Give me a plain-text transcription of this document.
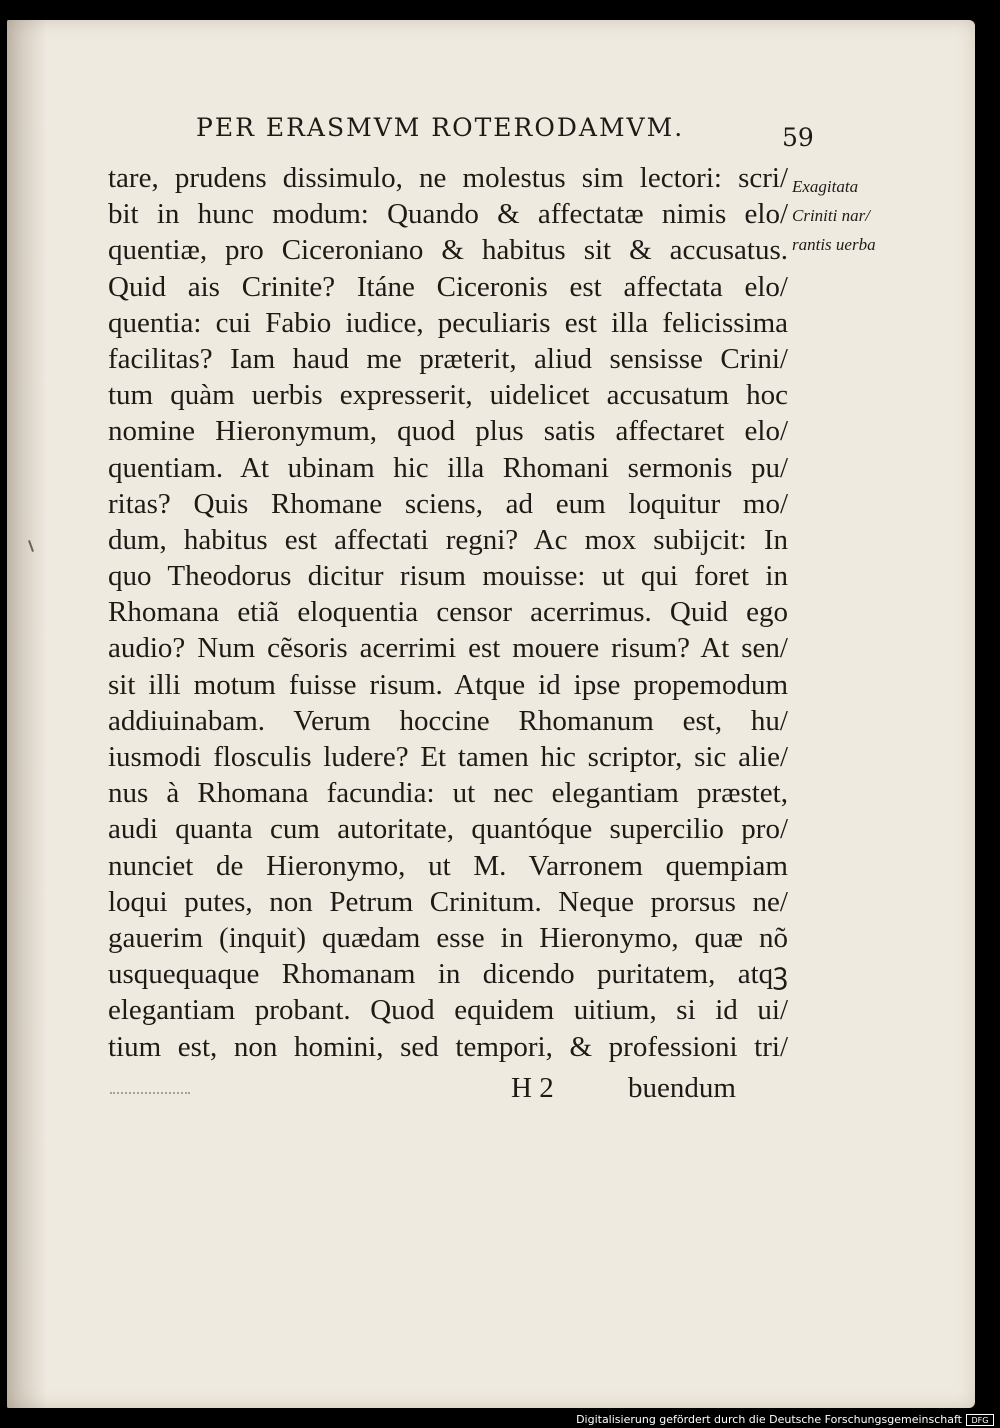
PER ERASMVM ROTERODAMVM.	59
Exagitata
Criniti nar/
rantis uerba
tare, prudens dissimulo, ne molestus sim lectori: scri/
bit in hunc modum: Quando & affectatæ nimis elo/
quentiæ, pro Ciceroniano & habitus sit & accusatus.
Quid ais Crinite? Itáne Ciceronis est affectata elo/
quentia: cui Fabio iudice, peculiaris est illa felicissima
facilitas? Iam haud me præterit, aliud sensisse Crini/
tum quàm uerbis expresserit, uidelicet accusatum hoc
nomine Hieronymum, quod plus satis affectaret elo/
quentiam. At ubinam hic illa Rhomani sermonis pu/
ritas? Quis Rhomane sciens, ad eum loquitur mo/
dum, habitus est affectati regni? Ac mox subijcit: In
quo Theodorus dicitur risum mouisse: ut qui foret in
Rhomana etiã eloquentia censor acerrimus. Quid ego
audio? Num cẽsoris acerrimi est mouere risum? At sen/
sit illi motum fuisse risum. Atque id ipse propemodum
addiuinabam. Verum hoccine Rhomanum est, hu/
iusmodi flosculis ludere? Et tamen hic scriptor, sic alie/
nus à Rhomana facundia: ut nec elegantiam præstet,
audi quanta cum autoritate, quantóque supercilio pro/
nunciet de Hieronymo, ut M. Varronem quempiam
loqui putes, non Petrum Crinitum. Neque prorsus ne/
gauerim (inquit) quædam esse in Hieronymo, quæ nõ
usquequaque Rhomanam in dicendo puritatem, atqꝫ
elegantiam probant. Quod equidem uitium, si id ui/
tium est, non homini, sed tempori, & professioni tri/
H 2	buendum
Digitalisierung gefördert durch die Deutsche Forschungsgemeinschaft	DFG
